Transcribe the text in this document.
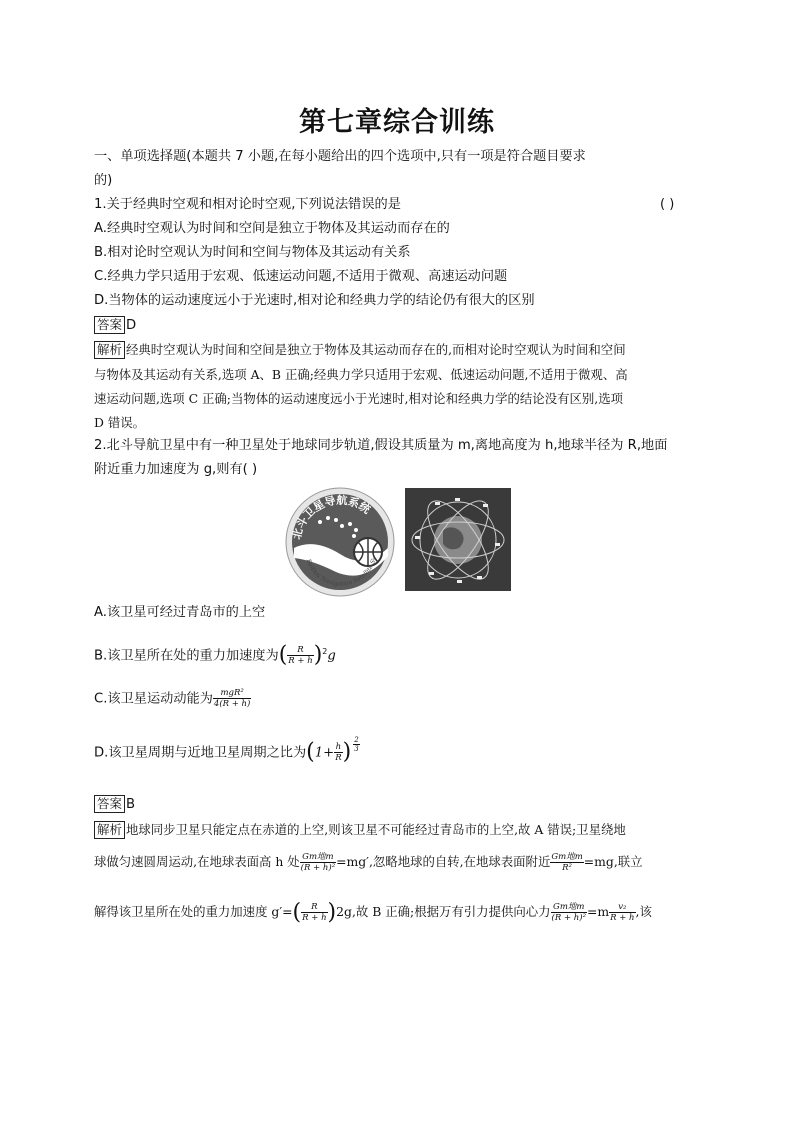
第七章综合训练
一、单项选择题(本题共 7 小题,在每小题给出的四个选项中,只有一项是符合题目要求
的)
1.关于经典时空观和相对论时空观,下列说法错误的是	( )
A.经典时空观认为时间和空间是独立于物体及其运动而存在的
B.相对论时空观认为时间和空间与物体及其运动有关系
C.经典力学只适用于宏观、低速运动问题,不适用于微观、高速运动问题
D.当物体的运动速度远小于光速时,相对论和经典力学的结论仍有很大的区别
答案 D
解析 经典时空观认为时间和空间是独立于物体及其运动而存在的,而相对论时空观认为时间和空间
与物体及其运动有关系,选项 A、B 正确;经典力学只适用于宏观、低速运动问题,不适用于微观、高
速运动问题,选项 C 正确;当物体的运动速度远小于光速时,相对论和经典力学的结论没有区别,选项
D 错误。
2.北斗导航卫星中有一种卫星处于地球同步轨道,假设其质量为 m,离地高度为 h,地球半径为 R,地面
附近重力加速度为 g,则有( )
北斗卫星导航系统
BeiDou Navigation Satellite Sy
A.该卫星可经过青岛市的上空
B.该卫星所在处的重力加速度为( $\frac{R}{R + h} )^2g$
C.该卫星运动动能为 $\frac{\text{mgR²}}{4(R + h)}$
D.该卫星周期与近地卫星周期之比为($1+ \frac{h}{R}$ ) $\frac{2}{3}$
答案 B
解析 地球同步卫星只能定点在赤道的上空,则该卫星不可能经过青岛市的上空,故 A 错误;卫星绕地
球做匀速圆周运动,在地球表面高 h 处 $\frac{\text{Gm地m}}{\text{(R + h)²}} =mg'$,忽略地球的自转,在地球表面附近 $\frac{\text{Gm地m}}{\text{R²}} =mg$,联立
解得该卫星所在处的重力加速度 $g'=( \frac{R}{R + h} )2g$,故 B 正确;根据万有引力提供向心力 $\frac{\text{Gm地m}}{\text{(R + h)²}} =m \frac{\text{v₂}}{R + h}$ ,该
